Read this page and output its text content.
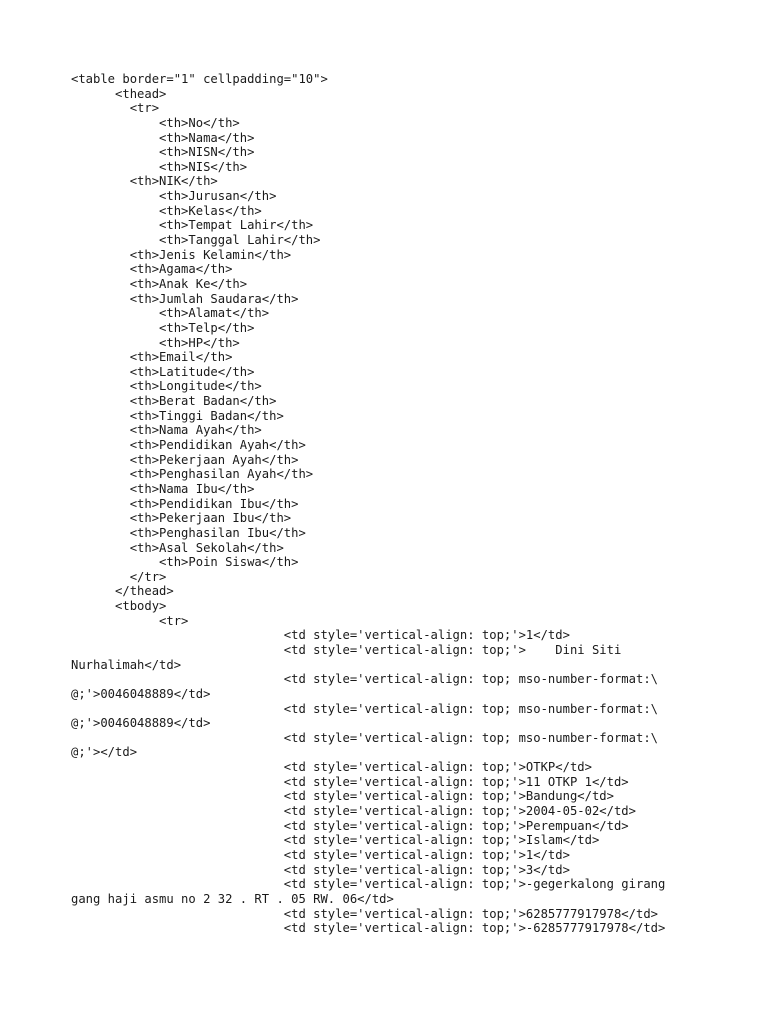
<table border="1" cellpadding="10">
<thead>
<tr>
<th>No</th>
<th>Nama</th>
<th>NISN</th>
<th>NIS</th>
<th>NIK</th>
<th>Jurusan</th>
<th>Kelas</th>
<th>Tempat Lahir</th>
<th>Tanggal Lahir</th>
<th>Jenis Kelamin</th>
<th>Agama</th>
<th>Anak Ke</th>
<th>Jumlah Saudara</th>
<th>Alamat</th>
<th>Telp</th>
<th>HP</th>
<th>Email</th>
<th>Latitude</th>
<th>Longitude</th>
<th>Berat Badan</th>
<th>Tinggi Badan</th>
<th>Nama Ayah</th>
<th>Pendidikan Ayah</th>
<th>Pekerjaan Ayah</th>
<th>Penghasilan Ayah</th>
<th>Nama Ibu</th>
<th>Pendidikan Ibu</th>
<th>Pekerjaan Ibu</th>
<th>Penghasilan Ibu</th>
<th>Asal Sekolah</th>
<th>Poin Siswa</th>
</tr>
</thead>
<tbody>
<tr>
<td style='vertical-align: top;'>1</td>
<td style='vertical-align: top;'>    Dini Siti
Nurhalimah</td>
<td style='vertical-align: top; mso-number-format:\
@;'>0046048889</td>
<td style='vertical-align: top; mso-number-format:\
@;'>0046048889</td>
<td style='vertical-align: top; mso-number-format:\
@;'></td>
<td style='vertical-align: top;'>OTKP</td>
<td style='vertical-align: top;'>11 OTKP 1</td>
<td style='vertical-align: top;'>Bandung</td>
<td style='vertical-align: top;'>2004-05-02</td>
<td style='vertical-align: top;'>Perempuan</td>
<td style='vertical-align: top;'>Islam</td>
<td style='vertical-align: top;'>1</td>
<td style='vertical-align: top;'>3</td>
<td style='vertical-align: top;'>-gegerkalong girang
gang haji asmu no 2 32 . RT . 05 RW. 06</td>
<td style='vertical-align: top;'>6285777917978</td>
<td style='vertical-align: top;'>-6285777917978</td>
